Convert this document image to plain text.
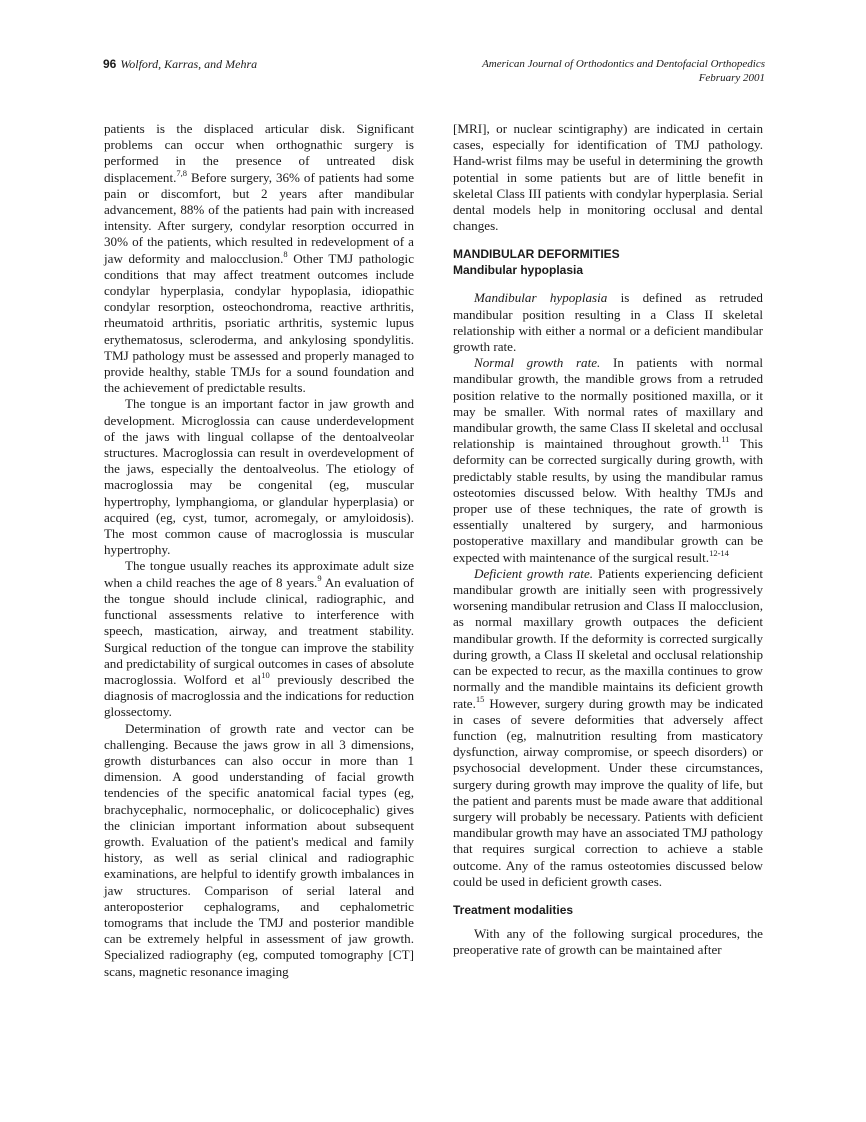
96 Wolford, Karras, and Mehra	American Journal of Orthodontics and Dentofacial Orthopedics
February 2001

patients is the displaced articular disk. Significant problems can occur when orthognathic surgery is performed in the presence of untreated disk displacement.$^{7,8}$ Before surgery, 36% of patients had some pain or discomfort, but 2 years after mandibular advancement, 88% of the patients had pain with increased intensity. After surgery, condylar resorption occurred in 30% of the patients, which resulted in redevelopment of a jaw deformity and malocclusion.$^8$ Other TMJ pathologic conditions that may affect treatment outcomes include condylar hyperplasia, condylar hypoplasia, idiopathic condylar resorption, osteochondroma, reactive arthritis, rheumatoid arthritis, psoriatic arthritis, systemic lupus erythematosus, scleroderma, and ankylosing spondylitis. TMJ pathology must be assessed and properly managed to provide healthy, stable TMJs for a sound foundation and the achievement of predictable results.

The tongue is an important factor in jaw growth and development. Microglossia can cause underdevelopment of the jaws with lingual collapse of the dentoalveolar structures. Macroglossia can result in overdevelopment of the jaws, especially the dentoalveolus. The etiology of macroglossia may be congenital (eg, muscular hypertrophy, lymphangioma, or glandular hyperplasia) or acquired (eg, cyst, tumor, acromegaly, or amyloidosis). The most common cause of macroglossia is muscular hypertrophy.

The tongue usually reaches its approximate adult size when a child reaches the age of 8 years.$^9$ An evaluation of the tongue should include clinical, radiographic, and functional assessments relative to interference with speech, mastication, airway, and treatment stability. Surgical reduction of the tongue can improve the stability and predictability of surgical outcomes in cases of absolute macroglossia. Wolford et $al^{10}$ previously described the diagnosis of macroglossia and the indications for reduction glossectomy.

Determination of growth rate and vector can be challenging. Because the jaws grow in all 3 dimensions, growth disturbances can also occur in more than 1 dimension. A good understanding of facial growth tendencies of the specific anatomical facial types (eg, brachycephalic, normocephalic, or dolicocephalic) gives the clinician important information about subsequent growth. Evaluation of the patient's medical and family history, as well as serial clinical and radiographic examinations, are helpful to identify growth imbalances in jaw structures. Comparison of serial lateral and anteroposterior cephalograms, and cephalometric tomograms that include the TMJ and posterior mandible can be extremely helpful in assessment of jaw growth. Specialized radiography (eg, computed tomography [CT] scans, magnetic resonance imaging

[MRI], or nuclear scintigraphy) are indicated in certain cases, especially for identification of TMJ pathology. Hand-wrist films may be useful in determining the growth potential in some patients but are of little benefit in skeletal Class III patients with condylar hyperplasia. Serial dental models help in monitoring occlusal and dental changes.

MANDIBULAR DEFORMITIES
Mandibular hypoplasia

Mandibular hypoplasia is defined as retruded mandibular position resulting in a Class II skeletal relationship with either a normal or a deficient mandibular growth rate.

Normal growth rate. In patients with normal mandibular growth, the mandible grows from a retruded position relative to the normally positioned maxilla, or it may be smaller. With normal rates of maxillary and mandibular growth, the same Class II skeletal and occlusal relationship is maintained throughout growth.$^{11}$ This deformity can be corrected surgically during growth, with predictably stable results, by using the mandibular ramus osteotomies discussed below. With healthy TMJs and proper use of these techniques, the rate of growth is essentially unaltered by surgery, and harmonious postoperative maxillary and mandibular growth can be expected with maintenance of the surgical result.$^{12-14}$

Deficient growth rate. Patients experiencing deficient mandibular growth are initially seen with progressively worsening mandibular retrusion and Class II malocclusion, as normal maxillary growth outpaces the deficient mandibular growth. If the deformity is corrected surgically during growth, a Class II skeletal and occlusal relationship can be expected to recur, as the maxilla continues to grow normally and the mandible maintains its deficient growth rate.$^{15}$ However, surgery during growth may be indicated in cases of severe deformities that adversely affect function (eg, malnutrition resulting from masticatory dysfunction, airway compromise, or speech disorders) or psychosocial development. Under these circumstances, surgery during growth may improve the quality of life, but the patient and parents must be made aware that additional surgery will probably be necessary. Patients with deficient mandibular growth may have an associated TMJ pathology that requires surgical correction to achieve a stable outcome. Any of the ramus osteotomies discussed below could be used in deficient growth cases.

Treatment modalities

With any of the following surgical procedures, the preoperative rate of growth can be maintained after
